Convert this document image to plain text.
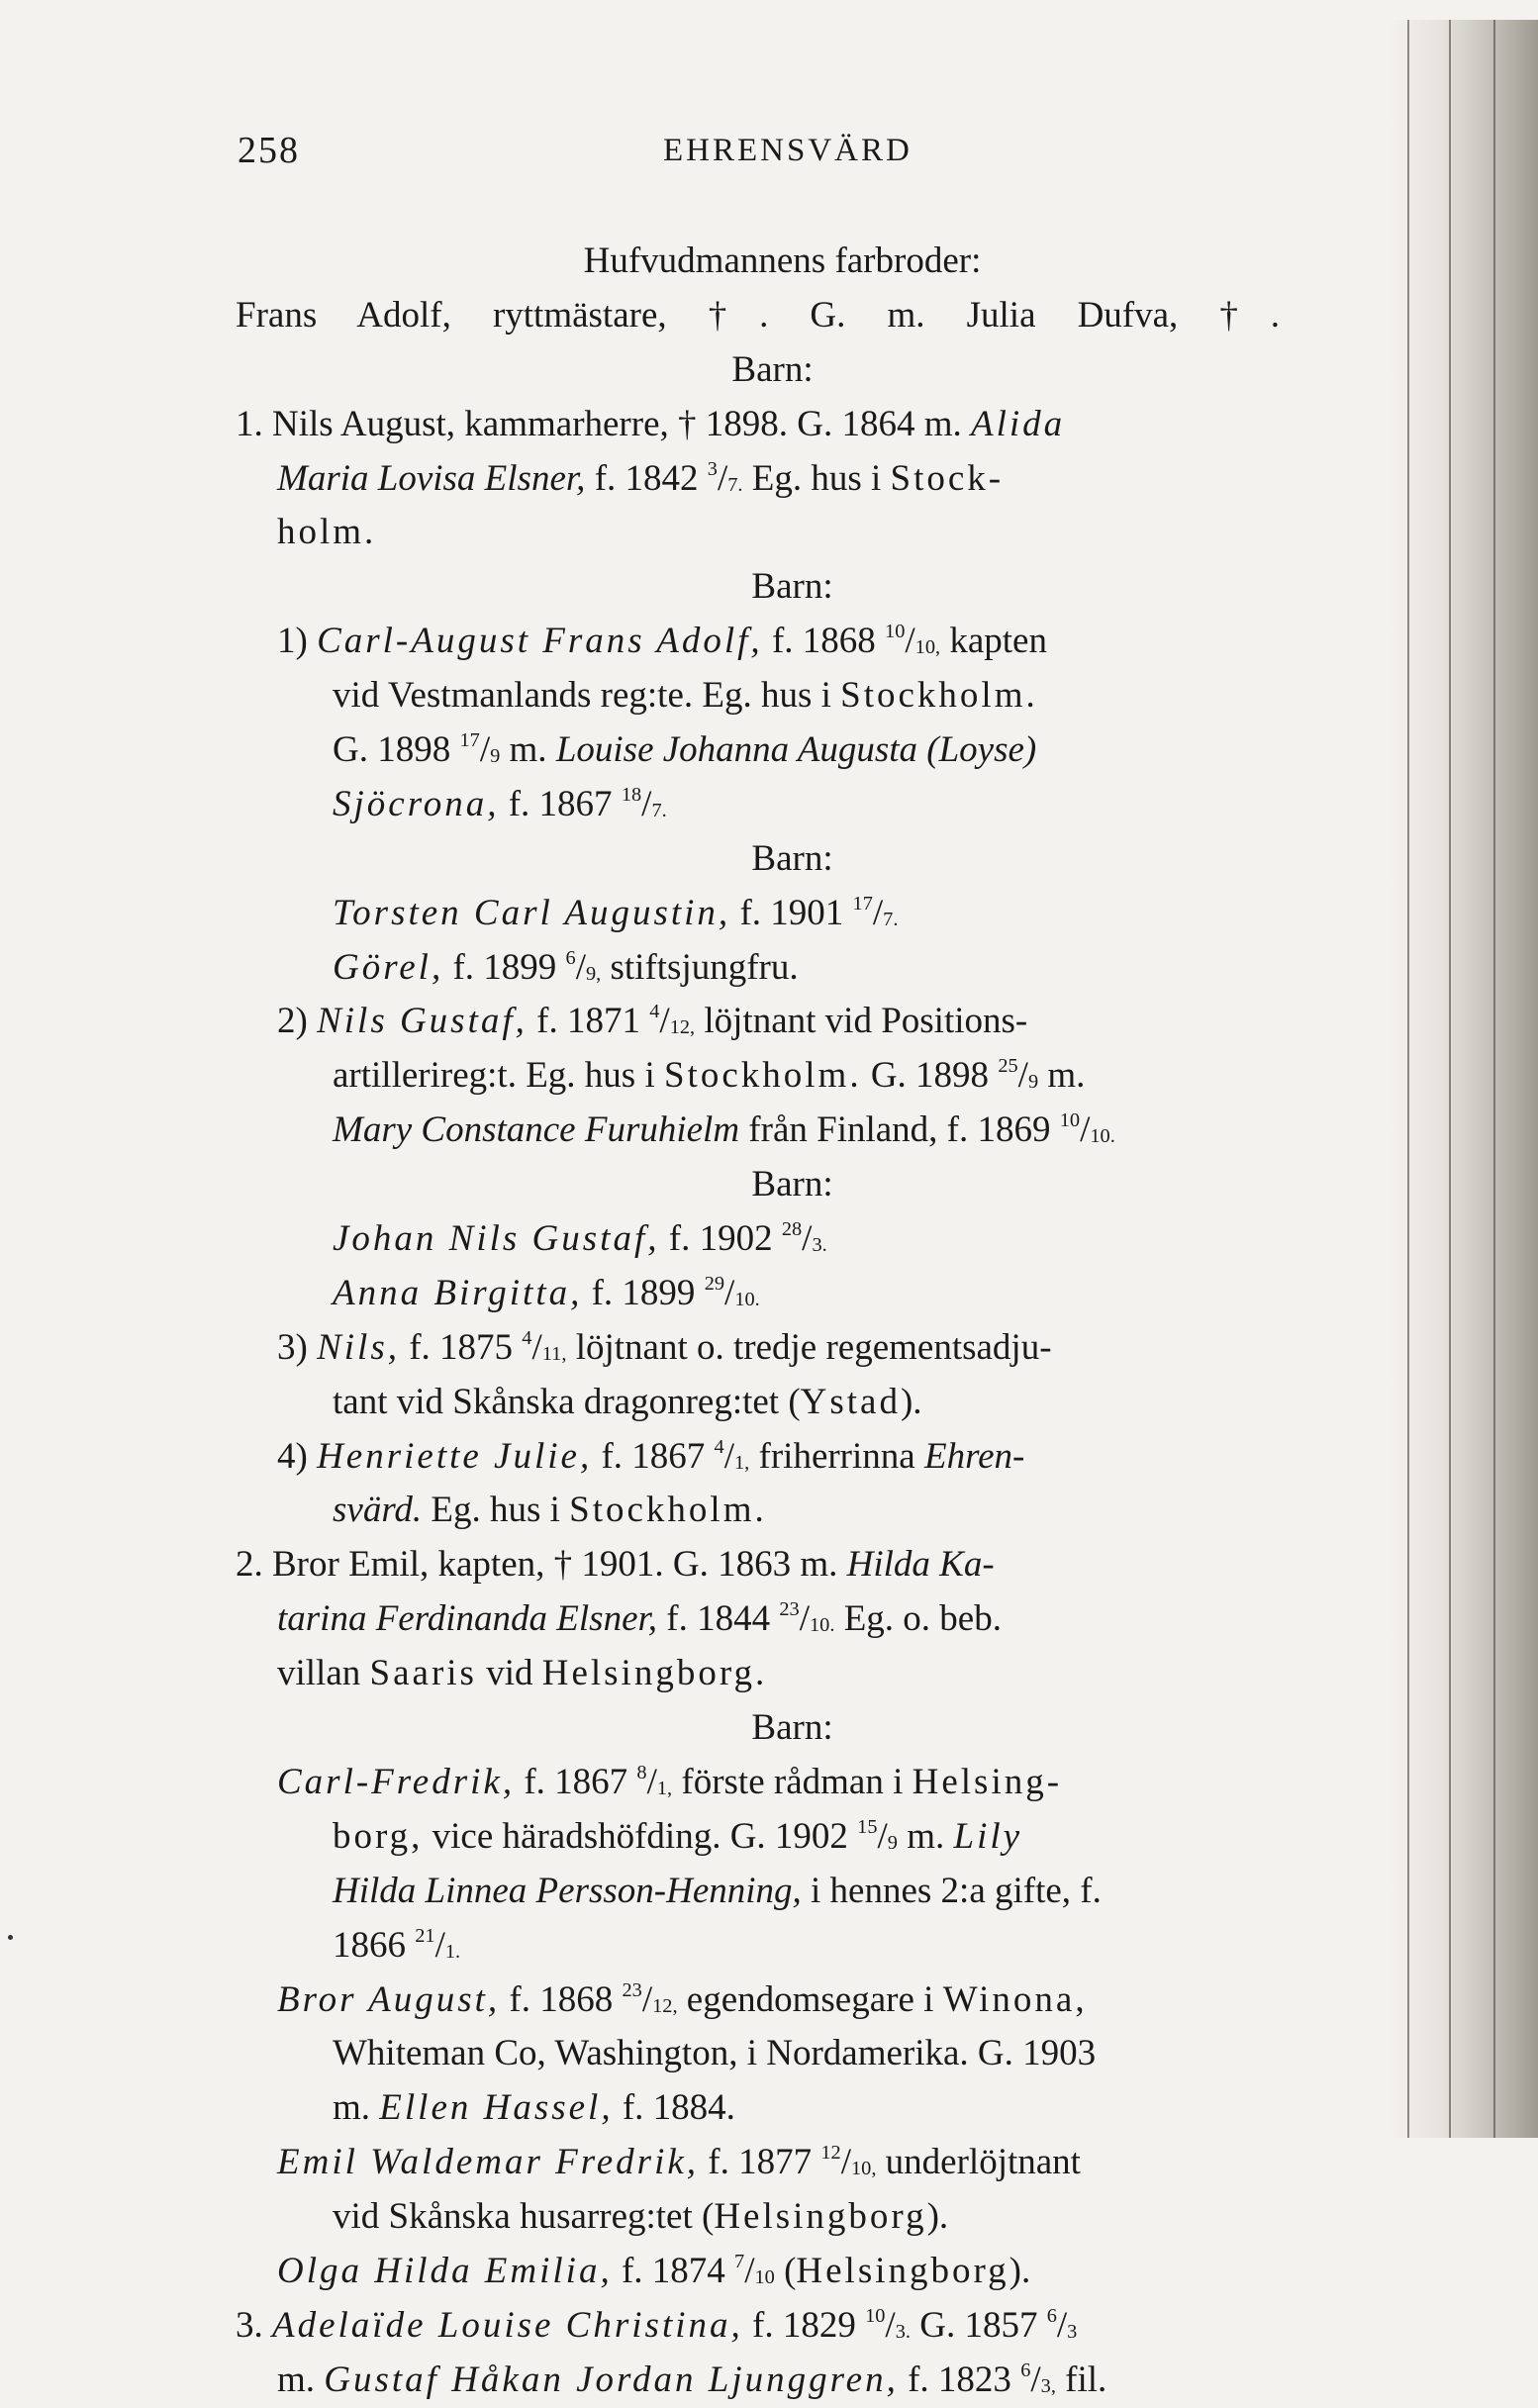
258	EHRENSVÄRD
Hufvudmannens farbroder:
Frans Adolf, ryttmästare, †. G. m. Julia Dufva, †.
Barn:
1. Nils August, kammarherre, † 1898. G. 1864 m. Alida
Maria Lovisa Elsner, f. 1842 $^3/_{7.}$ Eg. hus i Stock-
holm.
Barn:
1) Carl-August Frans Adolf, f. 1868 $^{10}/_{10,}$ kapten
vid Vestmanlands reg:te. Eg. hus i Stockholm.
G. 1898 $^{17}/_9$ m. Louise Johanna Augusta (Loyse)
Sjöcrona, f. 1867 $^{18}/_{7.}$
Barn:
Torsten Carl Augustin, f. 1901 $^{17}/_{7.}$
Görel, f. 1899 $^6/_{9,}$ stiftsjungfru.
2) Nils Gustaf, f. 1871 $^4/_{12,}$ löjtnant vid Positions-
artillerireg:t. Eg. hus i Stockholm. G. 1898 $^{25}/_9$ m.
Mary Constance Furuhielm från Finland, f. 1869 $^{10}/_{10.}$
Barn:
Johan Nils Gustaf, f. 1902 $^{28}/_{3.}$
Anna Birgitta, f. 1899 $^{29}/_{10.}$
3) Nils, f. 1875 $^4/_{11,}$ löjtnant o. tredje regementsadju-
tant vid Skånska dragonreg:tet (Ystad).
4) Henriette Julie, f. 1867 $^4/_{1,}$ friherrinna Ehren-
svärd. Eg. hus i Stockholm.
2. Bror Emil, kapten, † 1901. G. 1863 m. Hilda Ka-
tarina Ferdinanda Elsner, f. 1844 $^{23}/_{10.}$ Eg. o. beb.
villan Saaris vid Helsingborg.
Barn:
Carl-Fredrik, f. 1867 $^8/_{1,}$ förste rådman i Helsing-
borg, vice häradshöfding. G. 1902 $^{15}/_9$ m. Lily
Hilda Linnea Persson-Henning, i hennes 2:a gifte, f.
1866 $^{21}/_{1.}$
Bror August, f. 1868 $^{23}/_{12,}$ egendomsegare i Winona,
Whiteman Co, Washington, i Nordamerika. G. 1903
m. Ellen Hassel, f. 1884.
Emil Waldemar Fredrik, f. 1877 $^{12}/_{10,}$ underlöjtnant
vid Skånska husarreg:tet (Helsingborg).
Olga Hilda Emilia, f. 1874 $^7/_{10}$ (Helsingborg).
3. Adelaïde Louise Christina, f. 1829 $^{10}/_{3.}$ G. 1857 $^6/_3$
m. Gustaf Håkan Jordan Ljunggren, f. 1823 $^6/_{3,}$ fil.
